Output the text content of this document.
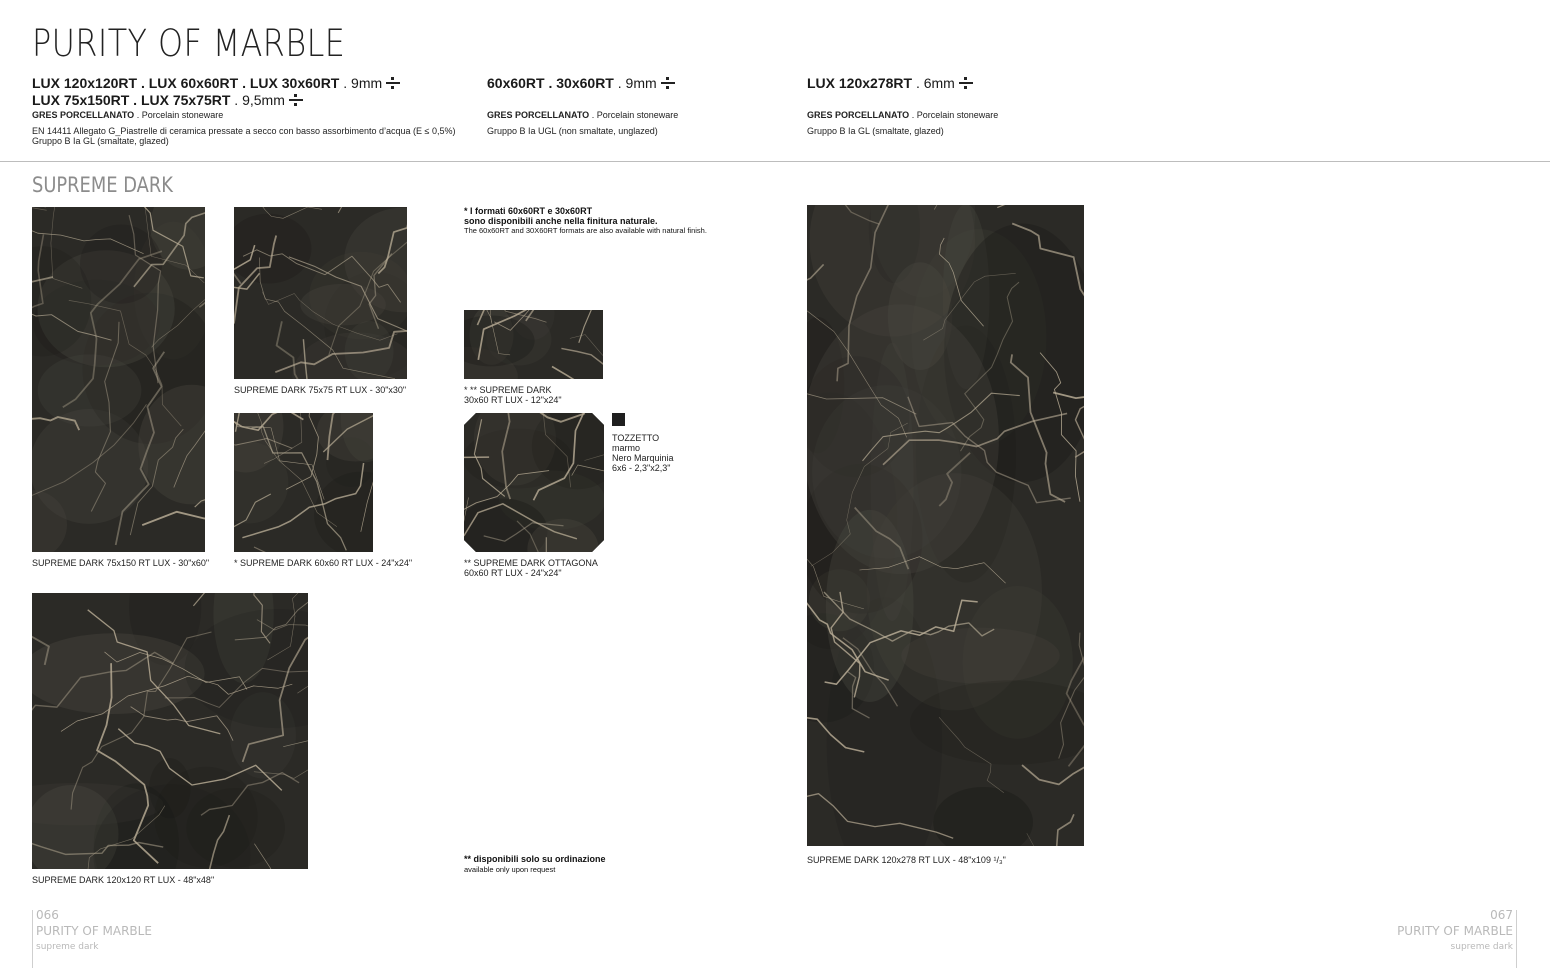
PURITY OF MARBLE
LUX 120x120RT . LUX 60x60RT . LUX 30x60RT . 9mm
LUX 75x150RT . LUX 75x75RT . 9,5mm
GRES PORCELLANATO . Porcelain stoneware
EN 14411 Allegato G_Piastrelle di ceramica pressate a secco con basso assorbimento d’acqua (E ≤ 0,5%)
Gruppo B Ia GL (smaltate, glazed)
60x60RT . 30x60RT . 9mm
GRES PORCELLANATO . Porcelain stoneware
Gruppo B Ia UGL (non smaltate, unglazed)
LUX 120x278RT . 6mm
GRES PORCELLANATO . Porcelain stoneware
Gruppo B Ia GL (smaltate, glazed)
SUPREME DARK
SUPREME DARK 75x150 RT LUX - 30"x60"
SUPREME DARK 75x75 RT LUX - 30"x30"
* SUPREME DARK 60x60 RT LUX - 24"x24"
* ** SUPREME DARK
30x60 RT LUX - 12"x24"
** SUPREME DARK OTTAGONA
60x60 RT LUX - 24"x24"
TOZZETTO
marmo
Nero Marquinia
6x6 - 2,3"x2,3"
SUPREME DARK 120x120 RT LUX - 48"x48"
SUPREME DARK 120x278 RT LUX - 48"x109 ¹/₃"
* I formati 60x60RT e 30x60RT
sono disponibili anche nella finitura naturale.
The 60x60RT and 30X60RT formats are also available with natural finish.
** disponibili solo su ordinazione
available only upon request
066
PURITY OF MARBLE
supreme dark
067
PURITY OF MARBLE
supreme dark
